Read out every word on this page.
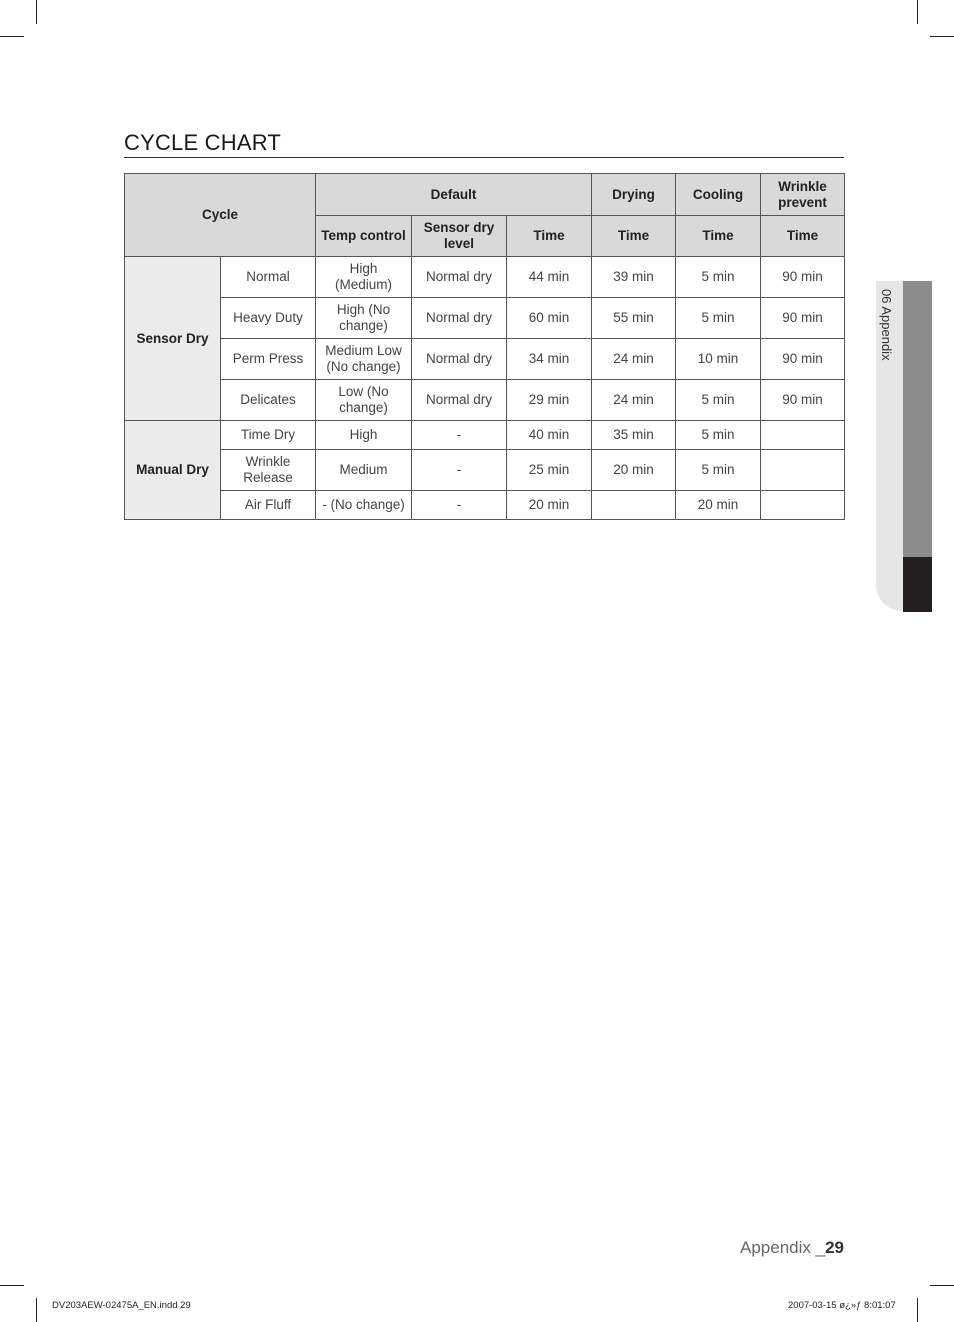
CYCLE CHART
Cycle		Default			Drying	Cooling	Wrinkle prevent
		Temp control	Sensor dry level	Time	Time	Time	Time
Sensor Dry	Normal	High (Medium)	Normal dry	44 min	39 min	5 min	90 min
	Heavy Duty	High (No change)	Normal dry	60 min	55 min	5 min	90 min
	Perm Press	Medium Low (No change)	Normal dry	34 min	24 min	10 min	90 min
	Delicates	Low (No change)	Normal dry	29 min	24 min	5 min	90 min
Manual Dry	Time Dry	High	-	40 min	35 min	5 min	
	Wrinkle Release	Medium	-	25 min	20 min	5 min	
	Air Fluff	- (No change)	-	20 min		20 min	
06 Appendix
Appendix _29
DV203AEW-02475A_EN.indd 29	2007-03-15 ø¿»ƒ 8:01:07
